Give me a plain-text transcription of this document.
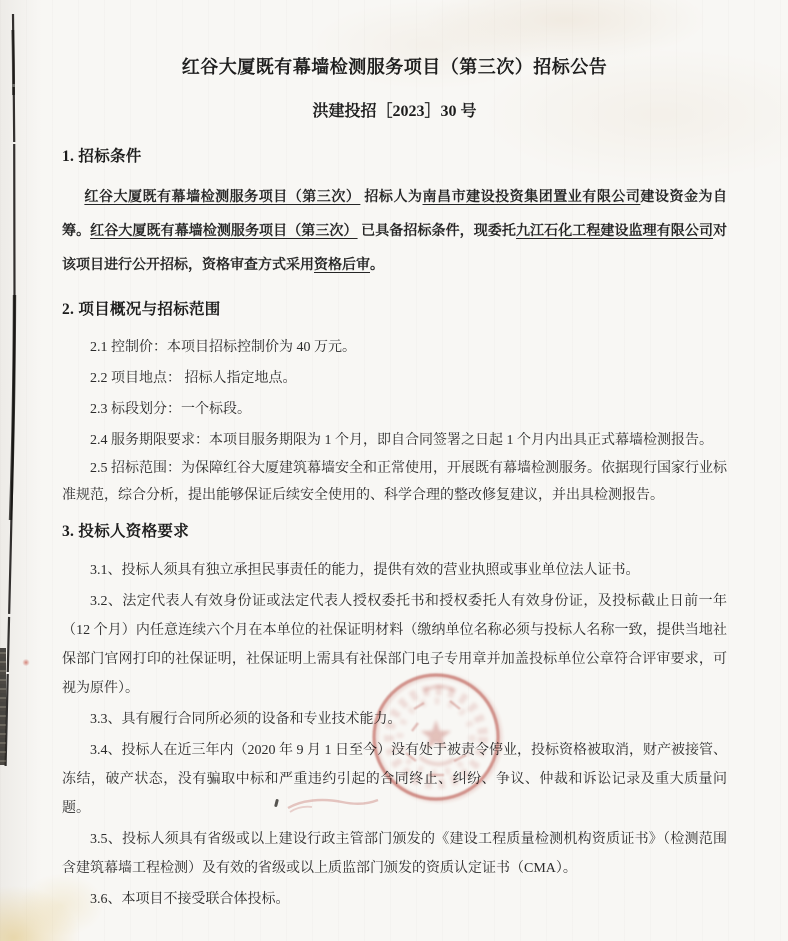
红谷大厦既有幕墙检测服务项目（第三次）招标公告
洪建投招［2023］30 号
1. 招标条件

红谷大厦既有幕墙检测服务项目（第三次） 招标人为南昌市建设投资集团置业有限公司建设资金为自筹。红谷大厦既有幕墙检测服务项目（第三次） 已具备招标条件，现委托九江石化工程建设监理有限公司对该项目进行公开招标，资格审查方式采用资格后审。

2. 项目概况与招标范围

2.1 控制价：本项目招标控制价为 40 万元。

2.2 项目地点： 招标人指定地点。

2.3 标段划分：一个标段。

2.4 服务期限要求：本项目服务期限为 1 个月，即自合同签署之日起 1 个月内出具正式幕墙检测报告。

2.5 招标范围：为保障红谷大厦建筑幕墙安全和正常使用，开展既有幕墙检测服务。依据现行国家行业标准规范，综合分析，提出能够保证后续安全使用的、科学合理的整改修复建议，并出具检测报告。

3. 投标人资格要求

3.1、投标人须具有独立承担民事责任的能力，提供有效的营业执照或事业单位法人证书。

3.2、法定代表人有效身份证或法定代表人授权委托书和授权委托人有效身份证，及投标截止日前一年（12 个月）内任意连续六个月在本单位的社保证明材料（缴纳单位名称必须与投标人名称一致，提供当地社保部门官网打印的社保证明，社保证明上需具有社保部门电子专用章并加盖投标单位公章符合评审要求，可视为原件）。

3.3、具有履行合同所必须的设备和专业技术能力。

3.4、投标人在近三年内（2020 年 9 月 1 日至今）没有处于被责令停业，投标资格被取消，财产被接管、冻结，破产状态，没有骗取中标和严重违约引起的合同终止、纠纷、争议、仲裁和诉讼记录及重大质量问题。

3.5、投标人须具有省级或以上建设行政主管部门颁发的《建设工程质量检测机构资质证书》（检测范围含建筑幕墙工程检测）及有效的省级或以上质监部门颁发的资质认定证书（CMA）。

3.6、本项目不接受联合体投标。
